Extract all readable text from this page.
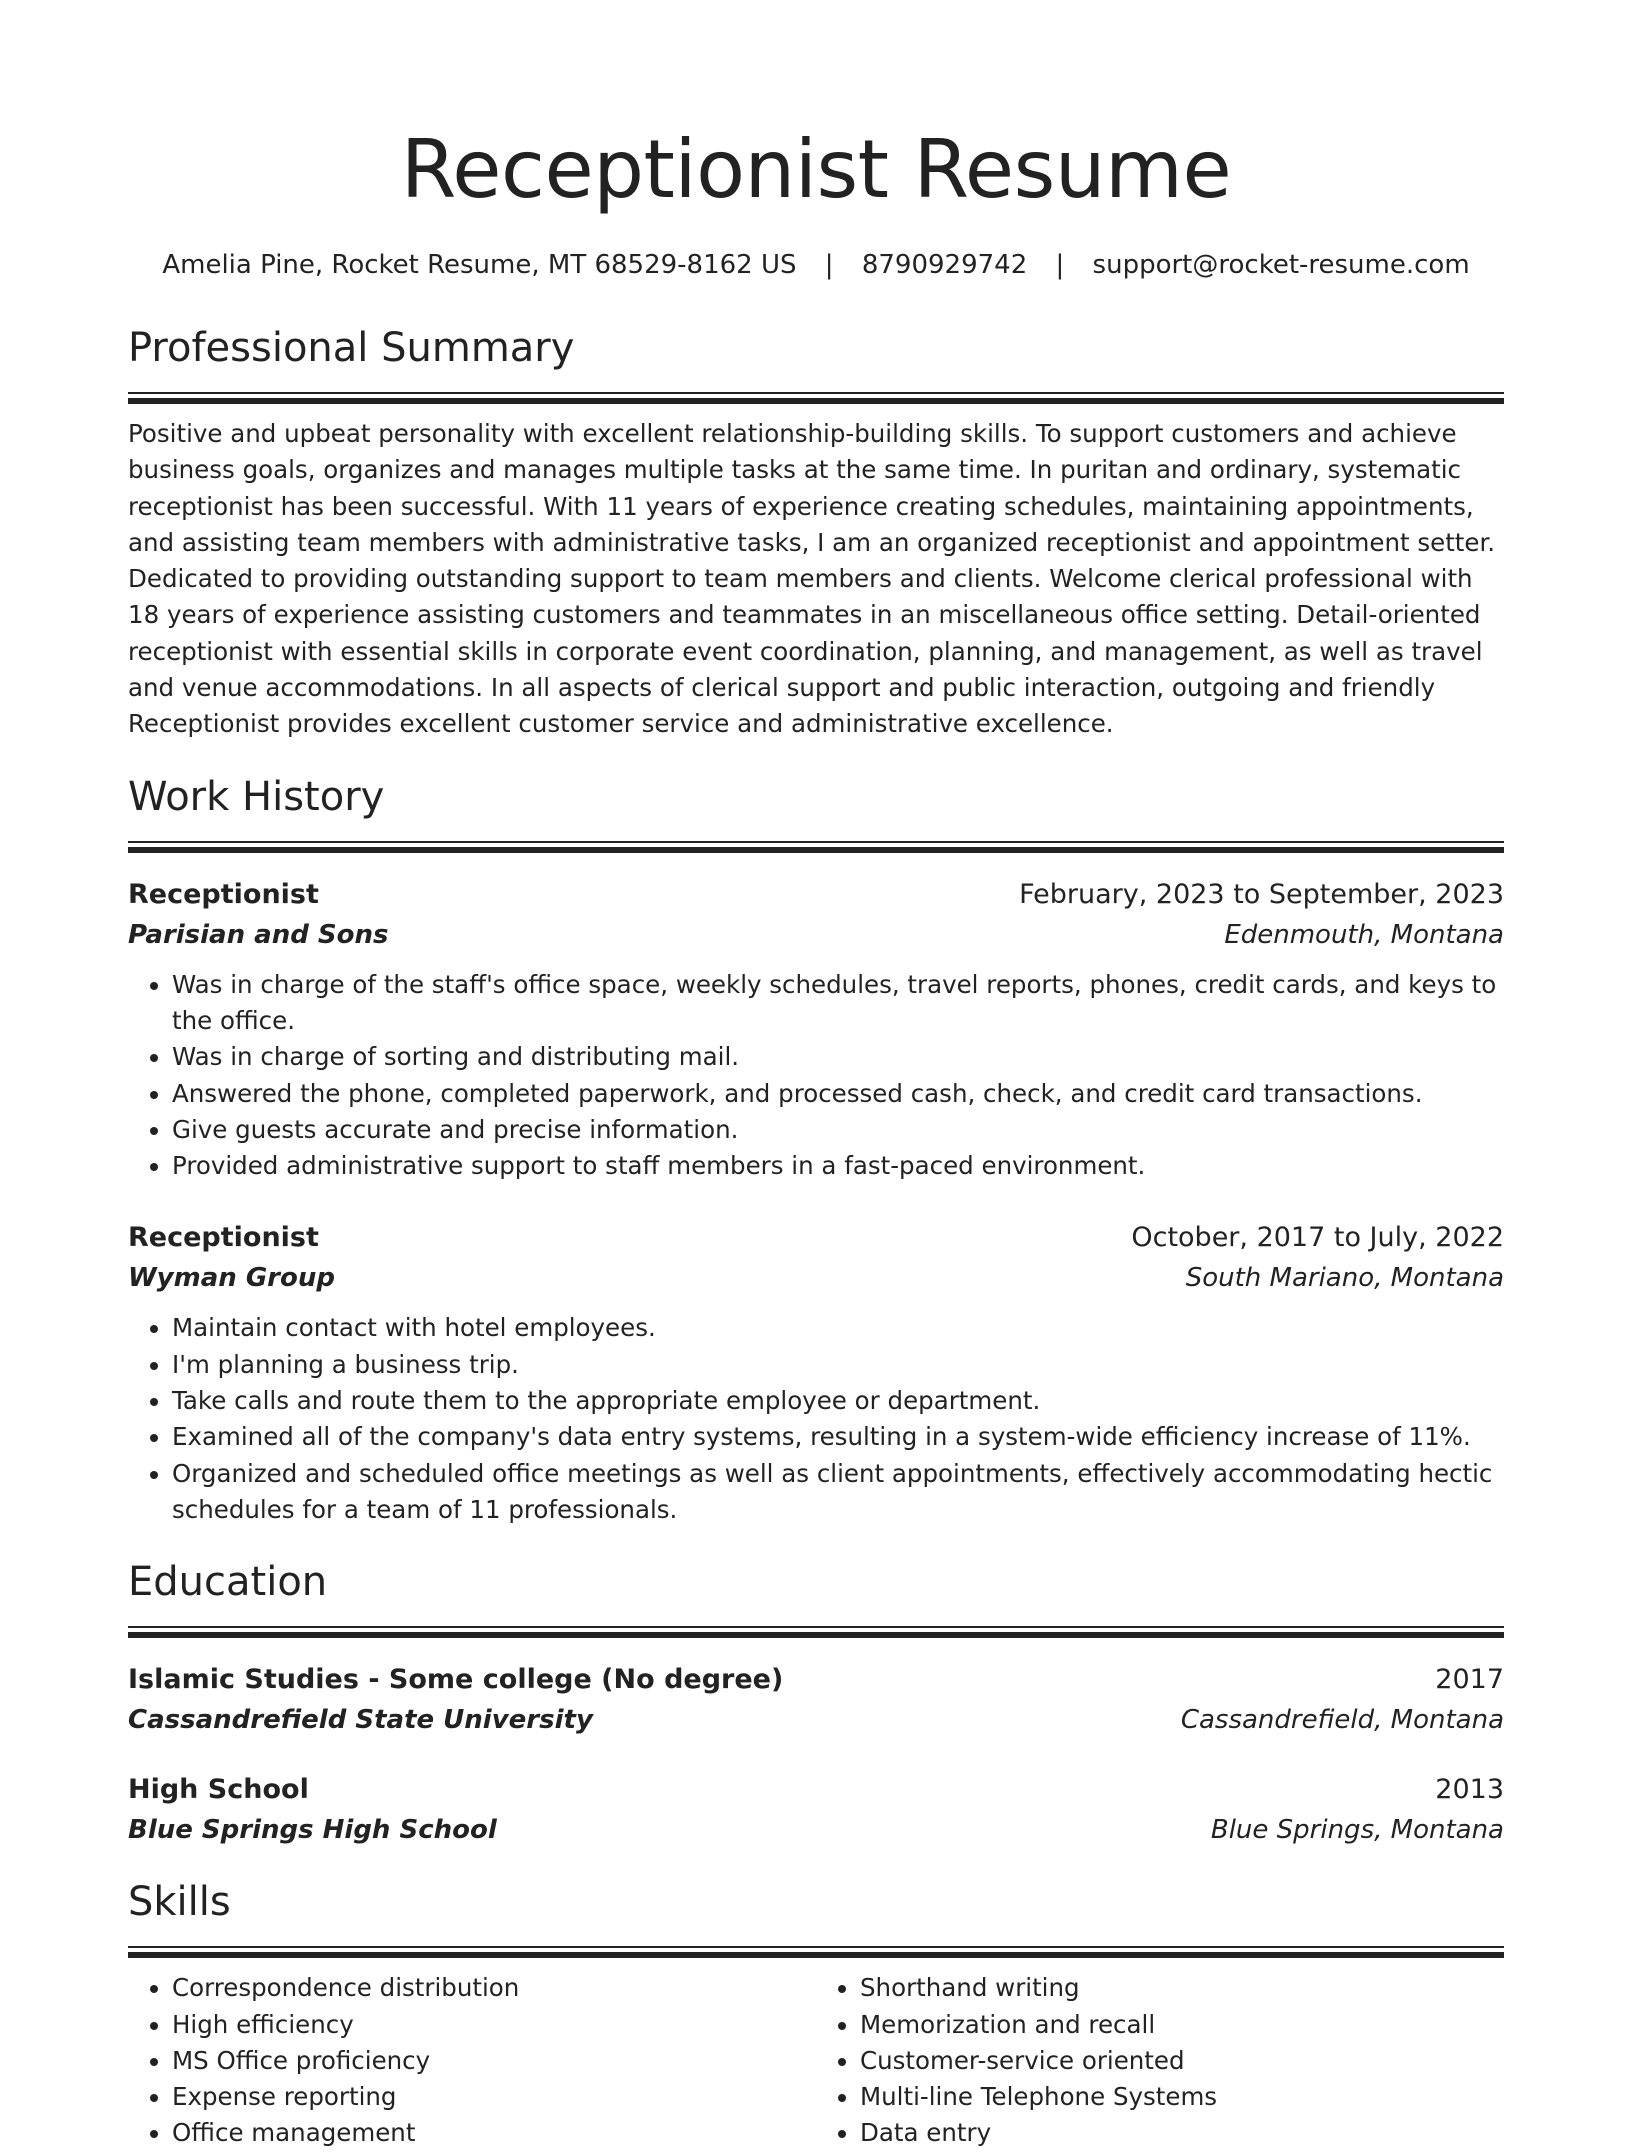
Receptionist Resume
Amelia Pine, Rocket Resume, MT 68529-8162 US | 8790929742 | support@rocket-resume.com
Professional Summary

Positive and upbeat personality with excellent relationship-building skills. To support customers and achieve business goals, organizes and manages multiple tasks at the same time. In puritan and ordinary, systematic receptionist has been successful. With 11 years of experience creating schedules, maintaining appointments, and assisting team members with administrative tasks, I am an organized receptionist and appointment setter. Dedicated to providing outstanding support to team members and clients. Welcome clerical professional with 18 years of experience assisting customers and teammates in an miscellaneous office setting. Detail-oriented receptionist with essential skills in corporate event coordination, planning, and management, as well as travel and venue accommodations. In all aspects of clerical support and public interaction, outgoing and friendly Receptionist provides excellent customer service and administrative excellence.

Work History
Receptionist	February, 2023 to September, 2023
Parisian and Sons	Edenmouth, Montana
• Was in charge of the staff's office space, weekly schedules, travel reports, phones, credit cards, and keys to the office.
• Was in charge of sorting and distributing mail.
• Answered the phone, completed paperwork, and processed cash, check, and credit card transactions.
• Give guests accurate and precise information.
• Provided administrative support to staff members in a fast-paced environment.
Receptionist	October, 2017 to July, 2022
Wyman Group	South Mariano, Montana
• Maintain contact with hotel employees.
• I'm planning a business trip.
• Take calls and route them to the appropriate employee or department.
• Examined all of the company's data entry systems, resulting in a system-wide efficiency increase of 11%.
• Organized and scheduled office meetings as well as client appointments, effectively accommodating hectic schedules for a team of 11 professionals.
Education
Islamic Studies - Some college (No degree)	2017
Cassandrefield State University	Cassandrefield, Montana
High School	2013
Blue Springs High School	Blue Springs, Montana
Skills
• Correspondence distribution
• High efficiency
• MS Office proficiency
• Expense reporting
• Office management
• Shorthand writing
• Memorization and recall
• Customer-service oriented
• Multi-line Telephone Systems
• Data entry
